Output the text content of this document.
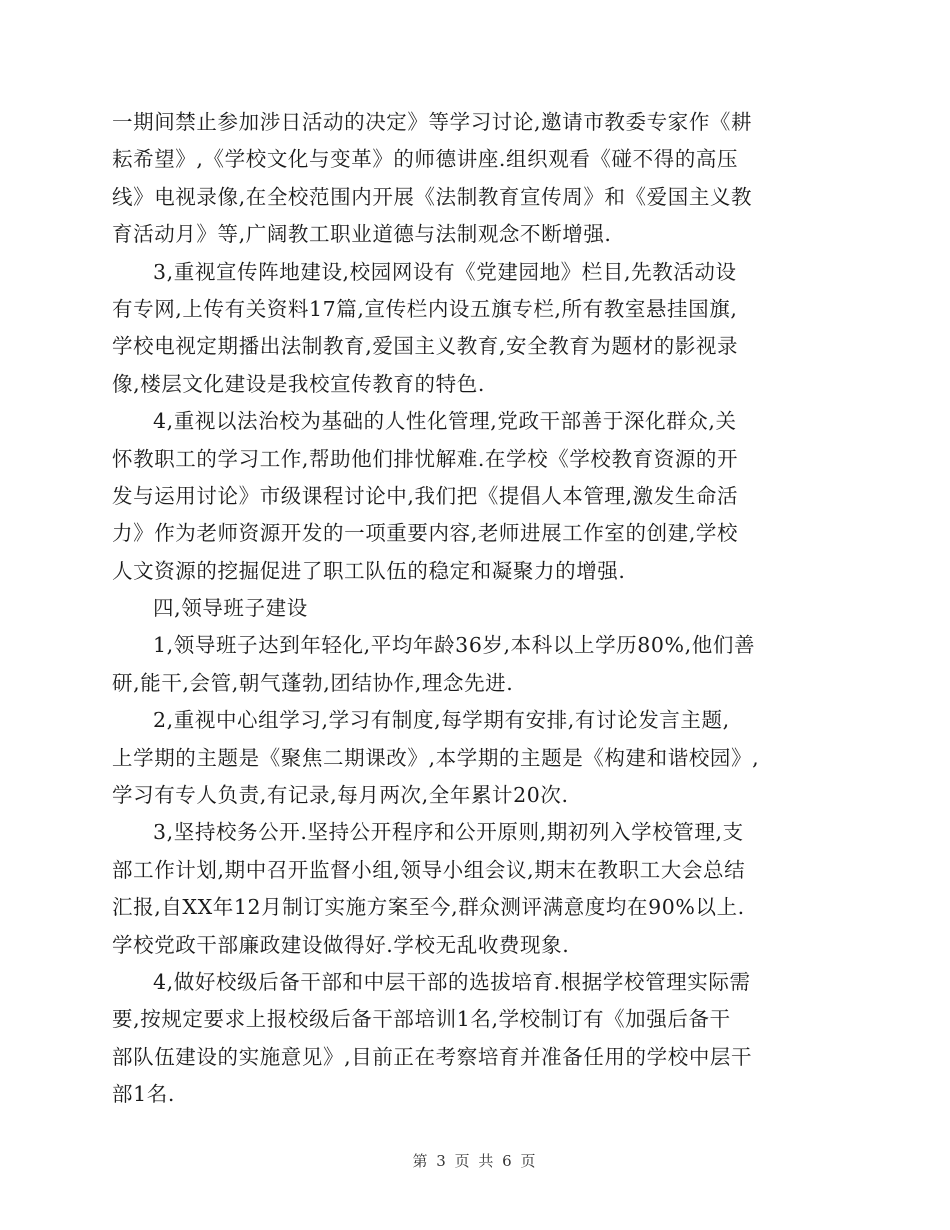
一期间禁止参加涉日活动的决定》等学习讨论,邀请市教委专家作《耕
耘希望》,《学校文化与变革》的师德讲座.组织观看《碰不得的高压
线》电视录像,在全校范围内开展《法制教育宣传周》和《爱国主义教
育活动月》等,广阔教工职业道德与法制观念不断增强.
3,重视宣传阵地建设,校园网设有《党建园地》栏目,先教活动设
有专网,上传有关资料17篇,宣传栏内设五旗专栏,所有教室悬挂国旗,
学校电视定期播出法制教育,爱国主义教育,安全教育为题材的影视录
像,楼层文化建设是我校宣传教育的特色.
4,重视以法治校为基础的人性化管理,党政干部善于深化群众,关
怀教职工的学习工作,帮助他们排忧解难.在学校《学校教育资源的开
发与运用讨论》市级课程讨论中,我们把《提倡人本管理,激发生命活
力》作为老师资源开发的一项重要内容,老师进展工作室的创建,学校
人文资源的挖掘促进了职工队伍的稳定和凝聚力的增强.
四,领导班子建设
1,领导班子达到年轻化,平均年龄36岁,本科以上学历80%,他们善
研,能干,会管,朝气蓬勃,团结协作,理念先进.
2,重视中心组学习,学习有制度,每学期有安排,有讨论发言主题,
上学期的主题是《聚焦二期课改》,本学期的主题是《构建和谐校园》,
学习有专人负责,有记录,每月两次,全年累计20次.
3,坚持校务公开.坚持公开程序和公开原则,期初列入学校管理,支
部工作计划,期中召开监督小组,领导小组会议,期末在教职工大会总结
汇报,自XX年12月制订实施方案至今,群众测评满意度均在90%以上.
学校党政干部廉政建设做得好.学校无乱收费现象.
4,做好校级后备干部和中层干部的选拔培育.根据学校管理实际需
要,按规定要求上报校级后备干部培训1名,学校制订有《加强后备干
部队伍建设的实施意见》,目前正在考察培育并准备任用的学校中层干
部1名.
第 3 页 共 6 页
